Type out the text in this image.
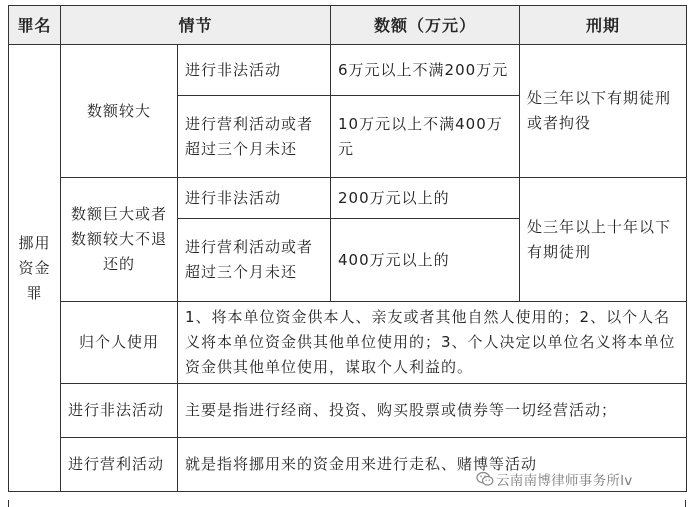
罪名	情节		数额（万元）	刑期
挪用资金罪	数额较大	进行非法活动	6万元以上不满200万元	处三年以下有期徒刑或者拘役
		进行营利活动或者超过三个月未还	10万元以上不满400万元	
	数额巨大或者数额较大不退还的	进行非法活动	200万元以上的	处三年以上十年以下有期徒刑
		进行营利活动或者超过三个月未还	400万元以上的	
	归个人使用	1、将本单位资金供本人、亲友或者其他自然人使用的；2、以个人名义将本单位资金供其他单位使用的；3、个人决定以单位名义将本单位资金供其他单位使用，谋取个人利益的。		
	进行非法活动	主要是指进行经商、投资、购买股票或债券等一切经营活动；		
	进行营利活动	就是指将挪用来的资金用来进行走私、赌博等活动		
云南南博律师事务所lv
